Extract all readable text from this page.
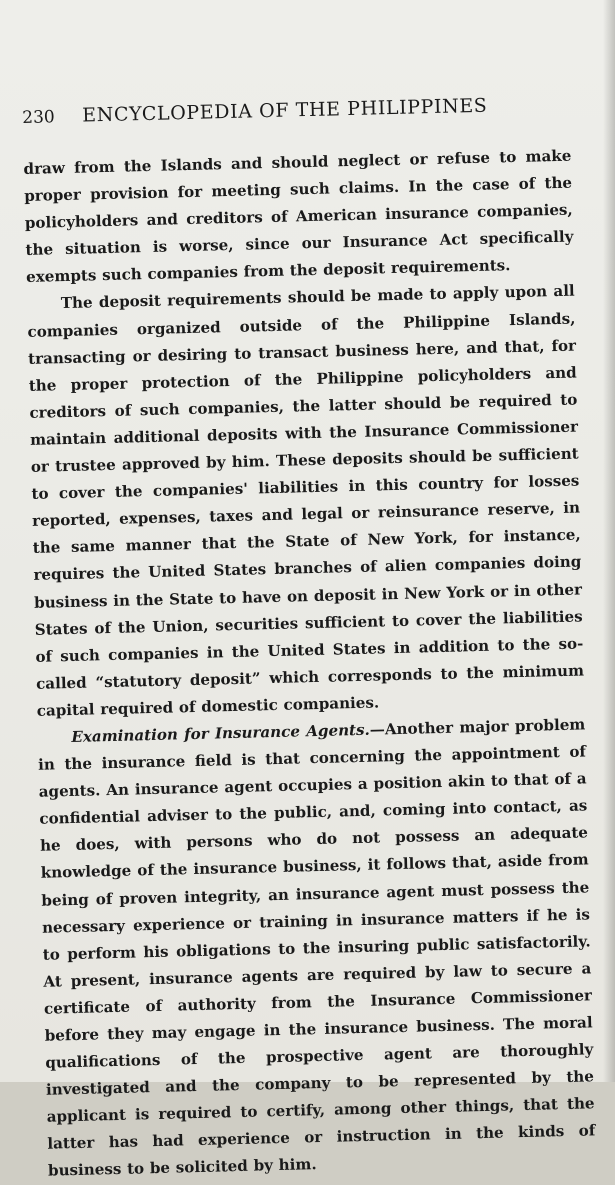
230	ENCYCLOPEDIA OF THE PHILIPPINES

draw from the Islands and should neglect or refuse to make proper provision for meeting such claims. In the case of the policyholders and creditors of American insurance companies, the situation is worse, since our Insurance Act specifically exempts such companies from the deposit requirements.

The deposit requirements should be made to apply upon all companies organized outside of the Philippine Islands, transacting or desiring to transact business here, and that, for the proper protection of the Philippine policyholders and creditors of such companies, the latter should be required to maintain additional deposits with the Insurance Commissioner or trustee approved by him. These deposits should be sufficient to cover the companies' liabilities in this country for losses reported, expenses, taxes and legal or reinsurance reserve, in the same manner that the State of New York, for instance, requires the United States branches of alien companies doing business in the State to have on deposit in New York or in other States of the Union, securities sufficient to cover the liabilities of such companies in the United States in addition to the so-called “statutory deposit” which corresponds to the minimum capital required of domestic companies.

Examination for Insurance Agents.—Another major problem in the insurance field is that concerning the appointment of agents. An insurance agent occupies a position akin to that of a confidential adviser to the public, and, coming into contact, as he does, with persons who do not possess an adequate knowledge of the insurance business, it follows that, aside from being of proven integrity, an insurance agent must possess the necessary experience or training in insurance matters if he is to perform his obligations to the insuring public satisfactorily. At present, insurance agents are required by law to secure a certificate of authority from the Insurance Commissioner before they may engage in the insurance business. The moral qualifications of the prospective agent are thoroughly investigated and the company to be represented by the applicant is required to certify, among other things, that the latter has had experience or instruction in the kinds of business to be solicited by him.
